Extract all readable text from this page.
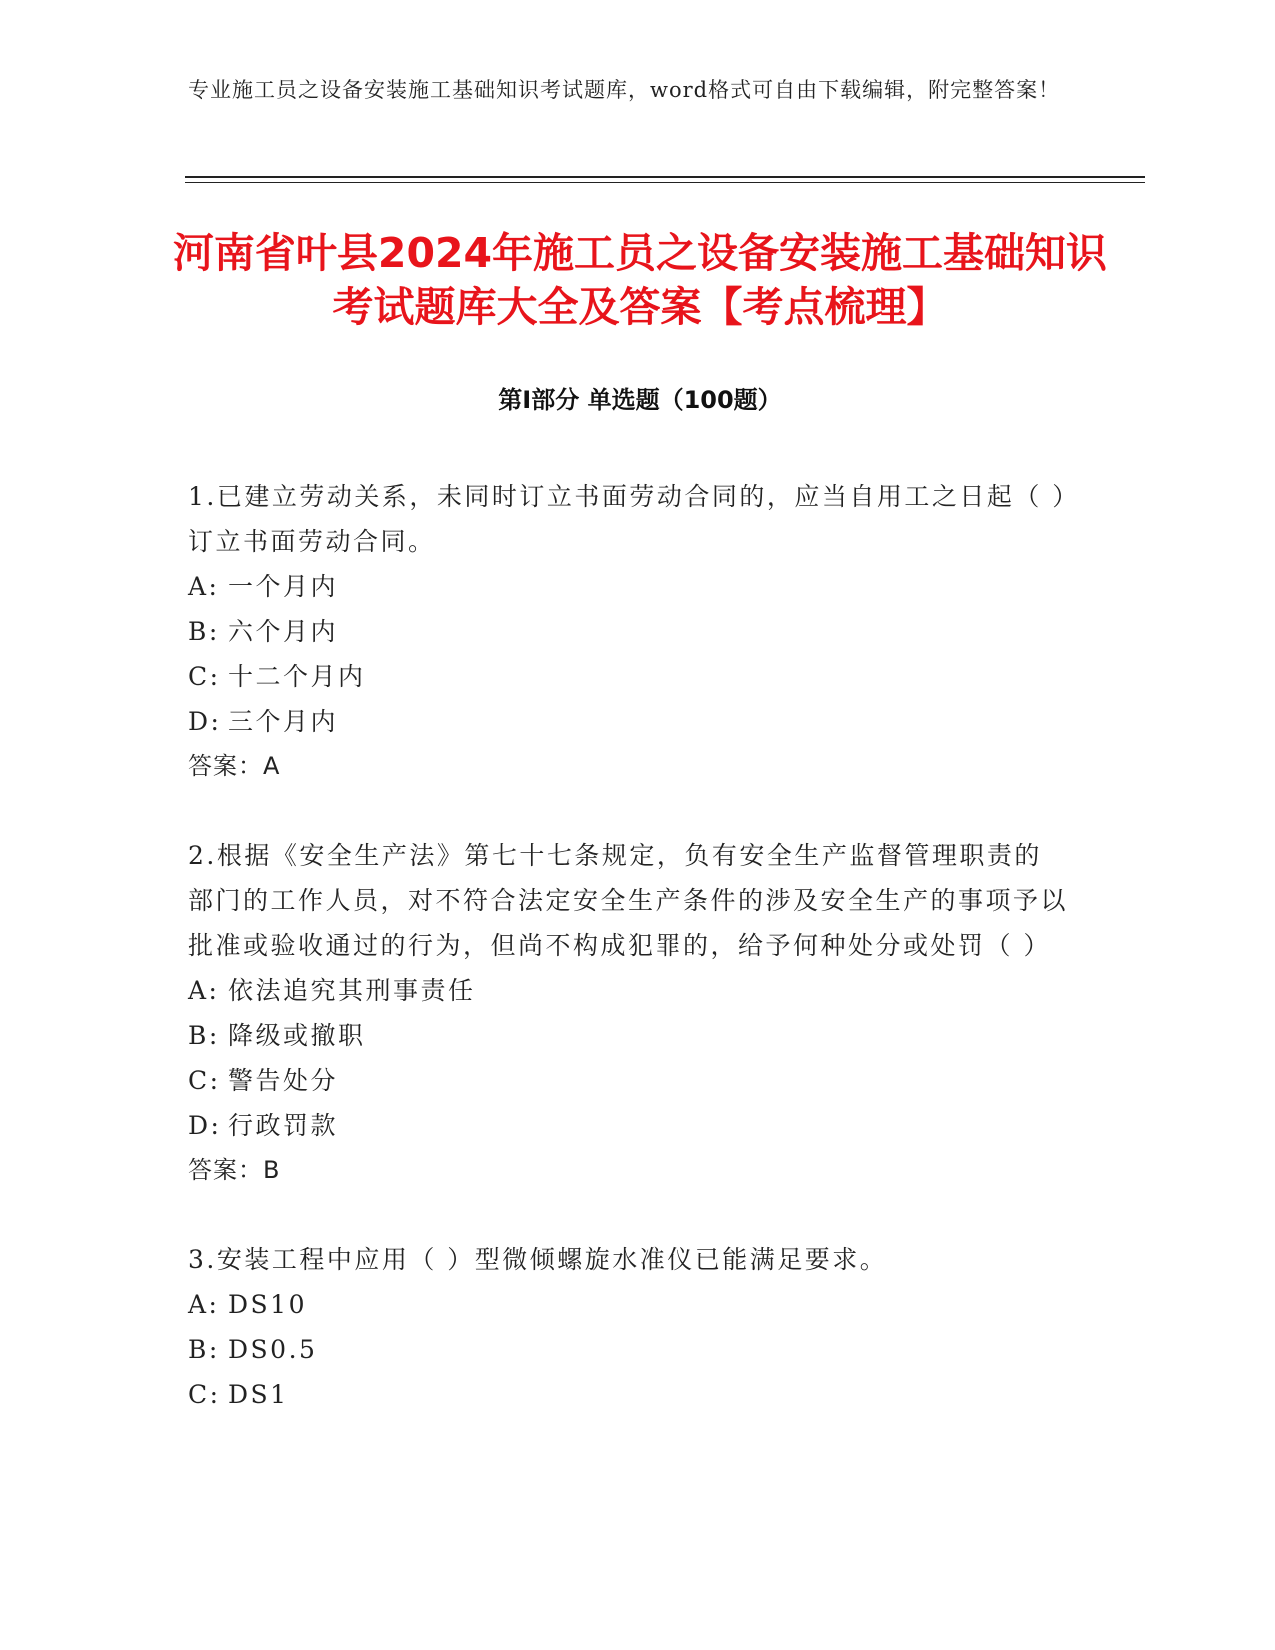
专业施工员之设备安装施工基础知识考试题库，word格式可自由下载编辑，附完整答案！
河南省叶县2024年施工员之设备安装施工基础知识考试题库大全及答案【考点梳理】
第Ⅰ部分 单选题（100题）

1.已建立劳动关系，未同时订立书面劳动合同的，应当自用工之日起（ ）订立书面劳动合同。

A: 一个月内

B: 六个月内

C: 十二个月内

D: 三个月内

答案：A

2.根据《安全生产法》第七十七条规定，负有安全生产监督管理职责的部门的工作人员，对不符合法定安全生产条件的涉及安全生产的事项予以批准或验收通过的行为，但尚不构成犯罪的，给予何种处分或处罚（ ）

A: 依法追究其刑事责任

B: 降级或撤职

C: 警告处分

D: 行政罚款

答案：B

3.安装工程中应用（ ）型微倾螺旋水准仪已能满足要求。

A: DS10

B: DS0.5

C: DS1
